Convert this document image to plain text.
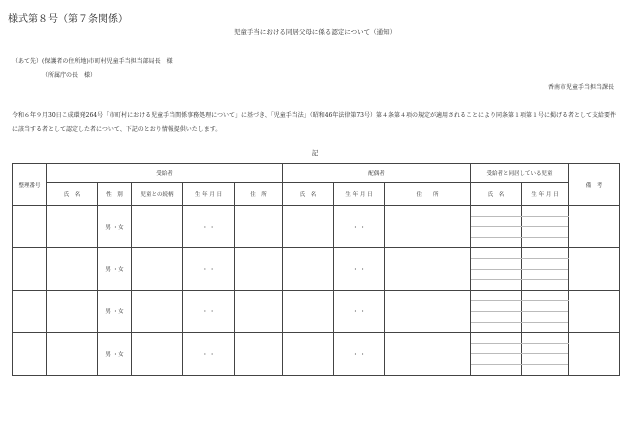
様式第８号（第７条関係）
児童手当における同居父母に係る認定について（通知）
（あて先）(保護者の住所地)市町村児童手当担当部局長　様
（所属庁の長　様）
香南市児童手当担当課長
令和６年９月30日こ成環発264号「市町村における児童手当関係事務処理について」に基づき、「児童手当法」（昭和46年法律第73号）第４条第４項の規定が適用されることにより同条第１項第１号に掲げる者として支給要件に該当する者として認定した者について、下記のとおり情報提供いたします。
記
整理番号	受給者					配偶者			受給者と同居している児童		備　考
	氏　名	性　別	児童との続柄	生 年 月 日	住　所	氏　名	生 年 月 日	住　　所	氏　名	生 年 月 日	
		男 ・女		・ ・			・ ・				

		男 ・女		・ ・			・ ・				

		男 ・女		・ ・			・ ・				

		男 ・女		・ ・			・ ・				
